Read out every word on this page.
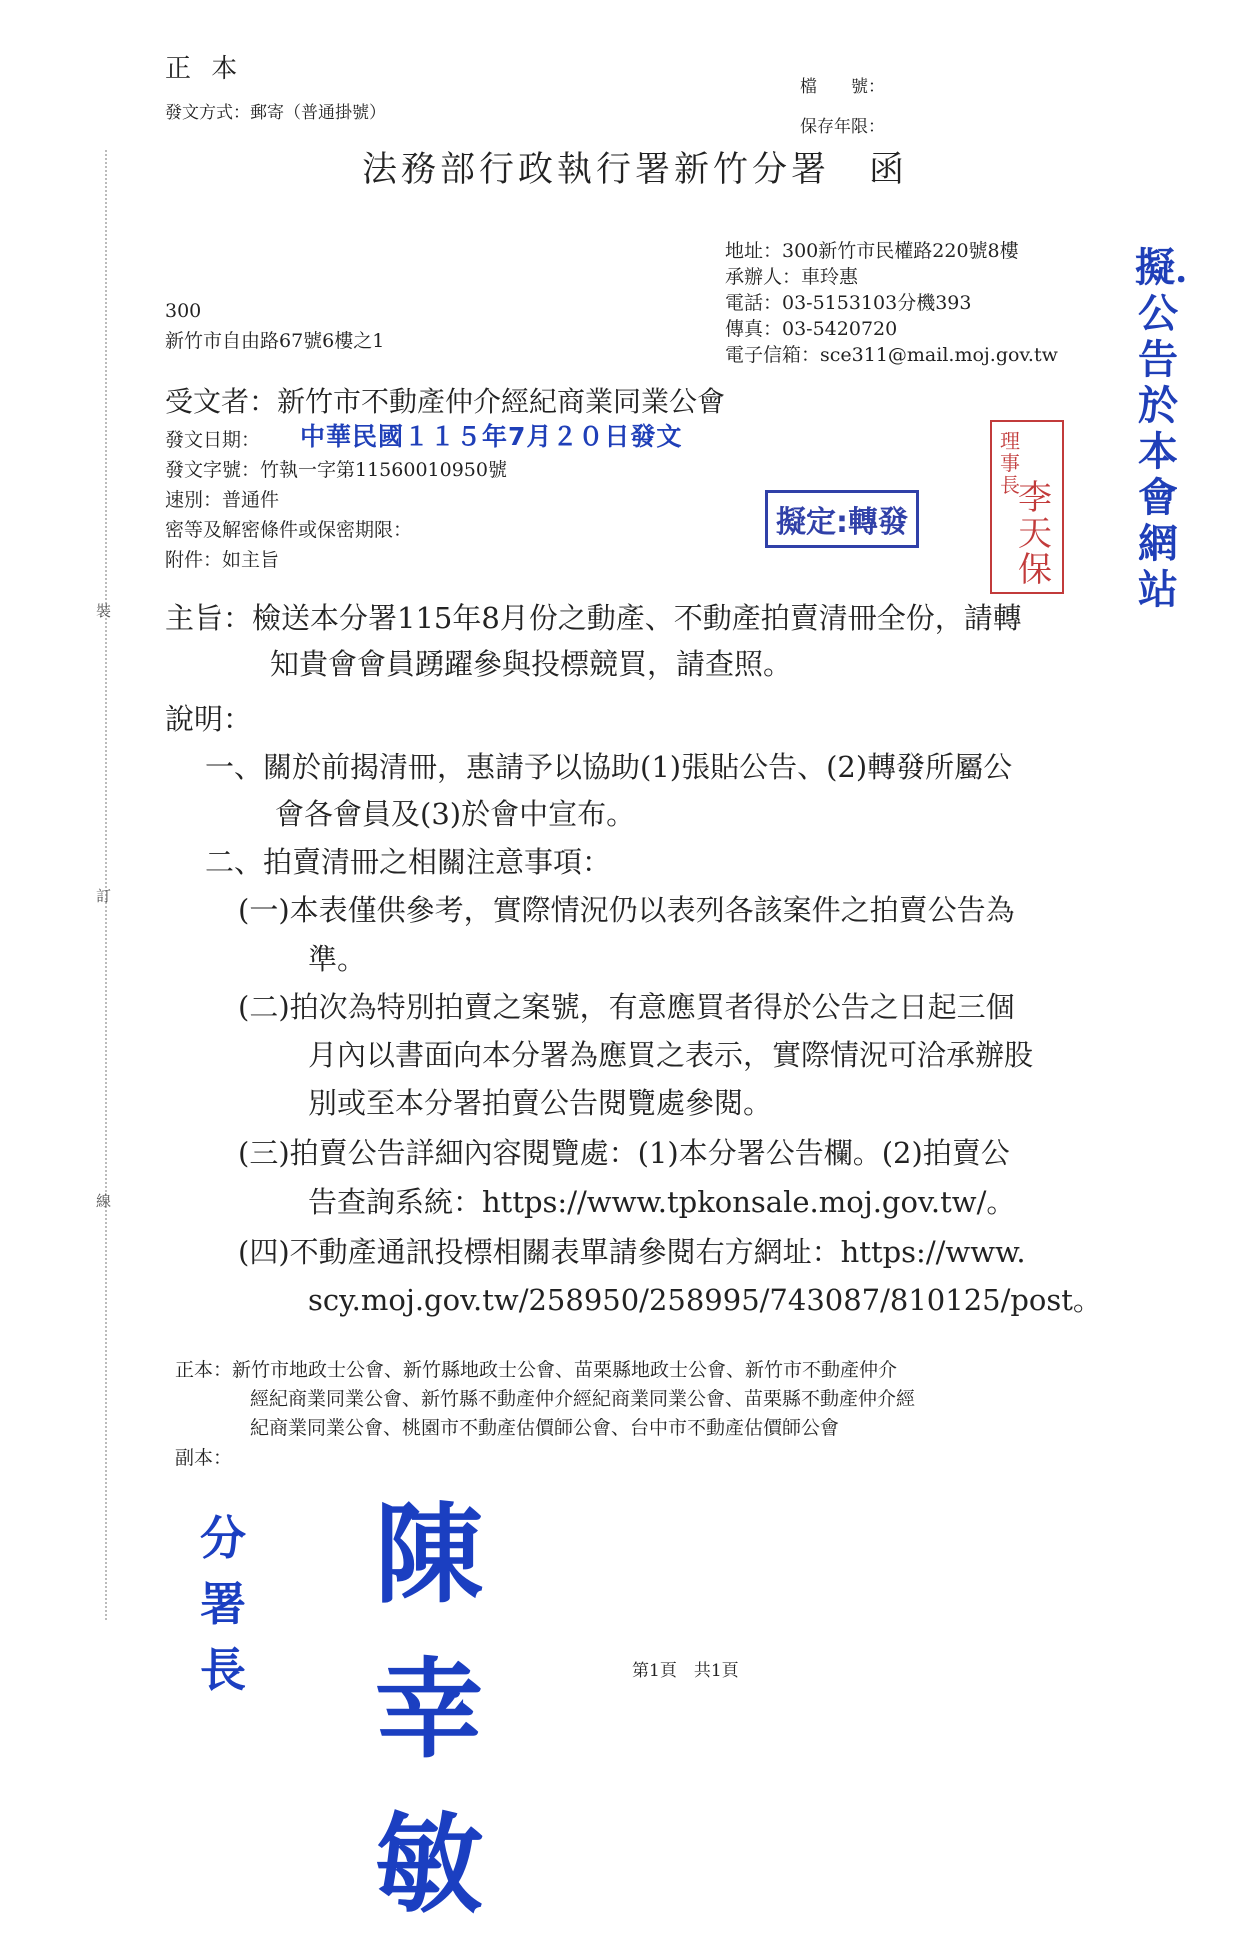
裝
訂
線
正 本
發文方式：郵寄（普通掛號）
檔　　號：
保存年限：
法務部行政執行署新竹分署　函
地址：300新竹市民權路220號8樓
承辦人：車玲惠
電話：03-5153103分機393
傳真：03-5420720
電子信箱：sce311@mail.moj.gov.tw
300
新竹市自由路67號6樓之1
受文者：新竹市不動產仲介經紀商業同業公會
發文日期： 中華民國１１５年7月２０日發文
發文字號：竹執一字第11560010950號
速別：普通件
密等及解密條件或保密期限：
附件：如主旨
擬定:轉發
理事長
李天保
擬．公告於本會網站
主旨：檢送本分署115年8月份之動產、不動產拍賣清冊全份，請轉
知貴會會員踴躍參與投標競買，請查照。
說明：
一、關於前揭清冊，惠請予以協助(1)張貼公告、(2)轉發所屬公
會各會員及(3)於會中宣布。
二、拍賣清冊之相關注意事項：
(一)本表僅供參考，實際情況仍以表列各該案件之拍賣公告為
準。
(二)拍次為特別拍賣之案號，有意應買者得於公告之日起三個
月內以書面向本分署為應買之表示，實際情況可洽承辦股
別或至本分署拍賣公告閱覽處參閱。
(三)拍賣公告詳細內容閱覽處：(1)本分署公告欄。(2)拍賣公
告查詢系統：https://www.tpkonsale.moj.gov.tw/。
(四)不動產通訊投標相關表單請參閱右方網址：https://www.
scy.moj.gov.tw/258950/258995/743087/810125/post。
正本：新竹市地政士公會、新竹縣地政士公會、苗栗縣地政士公會、新竹市不動產仲介
經紀商業同業公會、新竹縣不動產仲介經紀商業同業公會、苗栗縣不動產仲介經
紀商業同業公會、桃園市不動產估價師公會、台中市不動產估價師公會
副本：
分署長
陳幸敏
第1頁　共1頁
